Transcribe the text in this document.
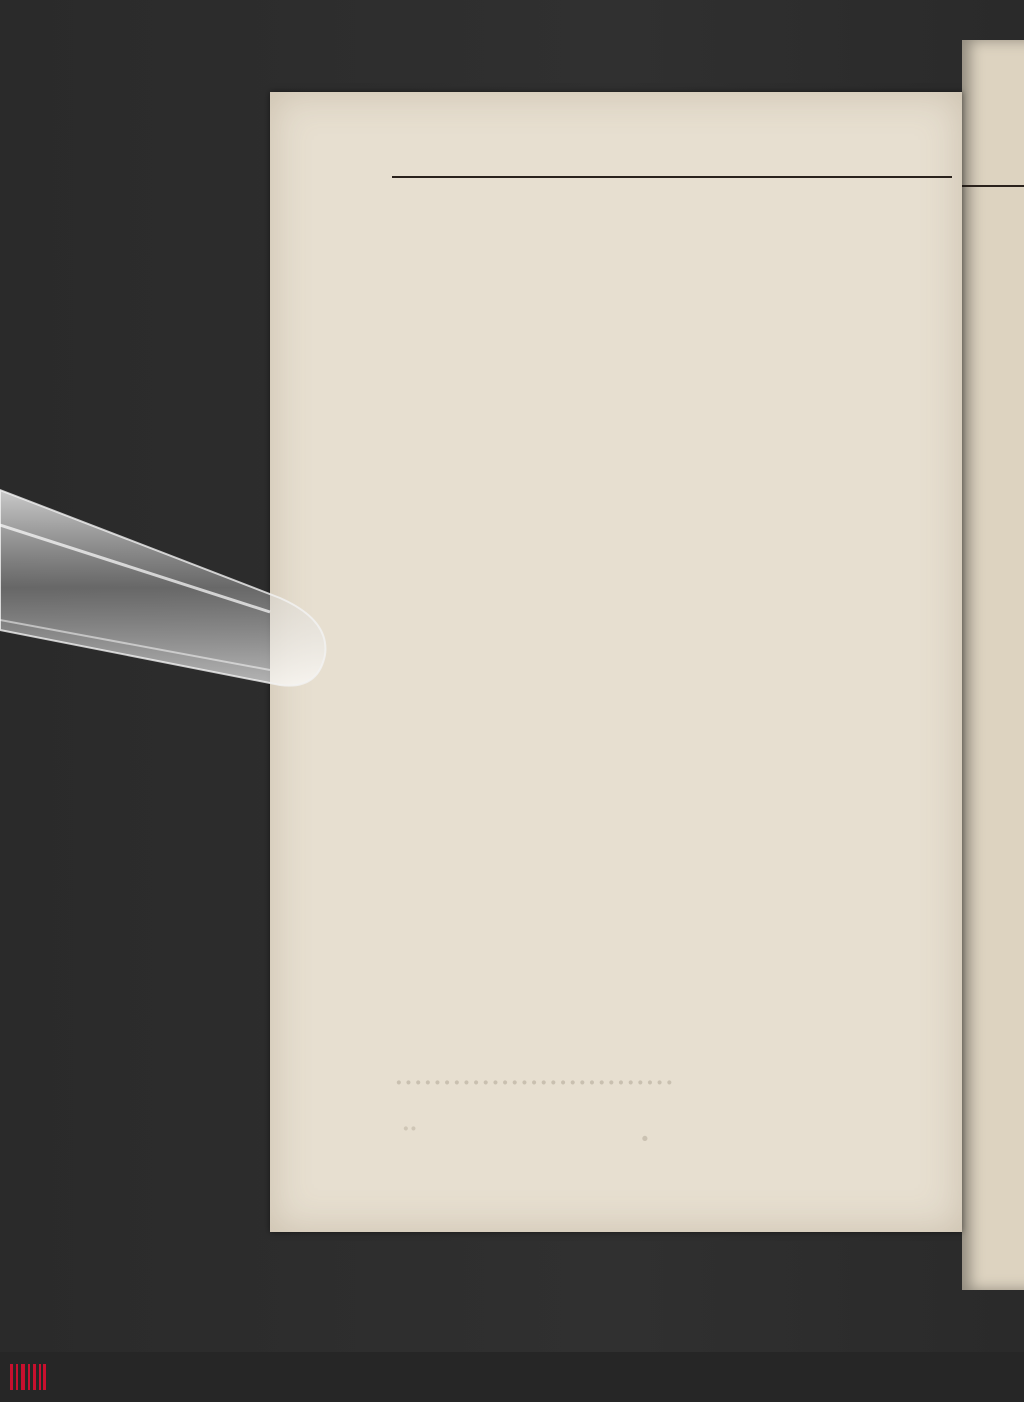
·····························
··	·
